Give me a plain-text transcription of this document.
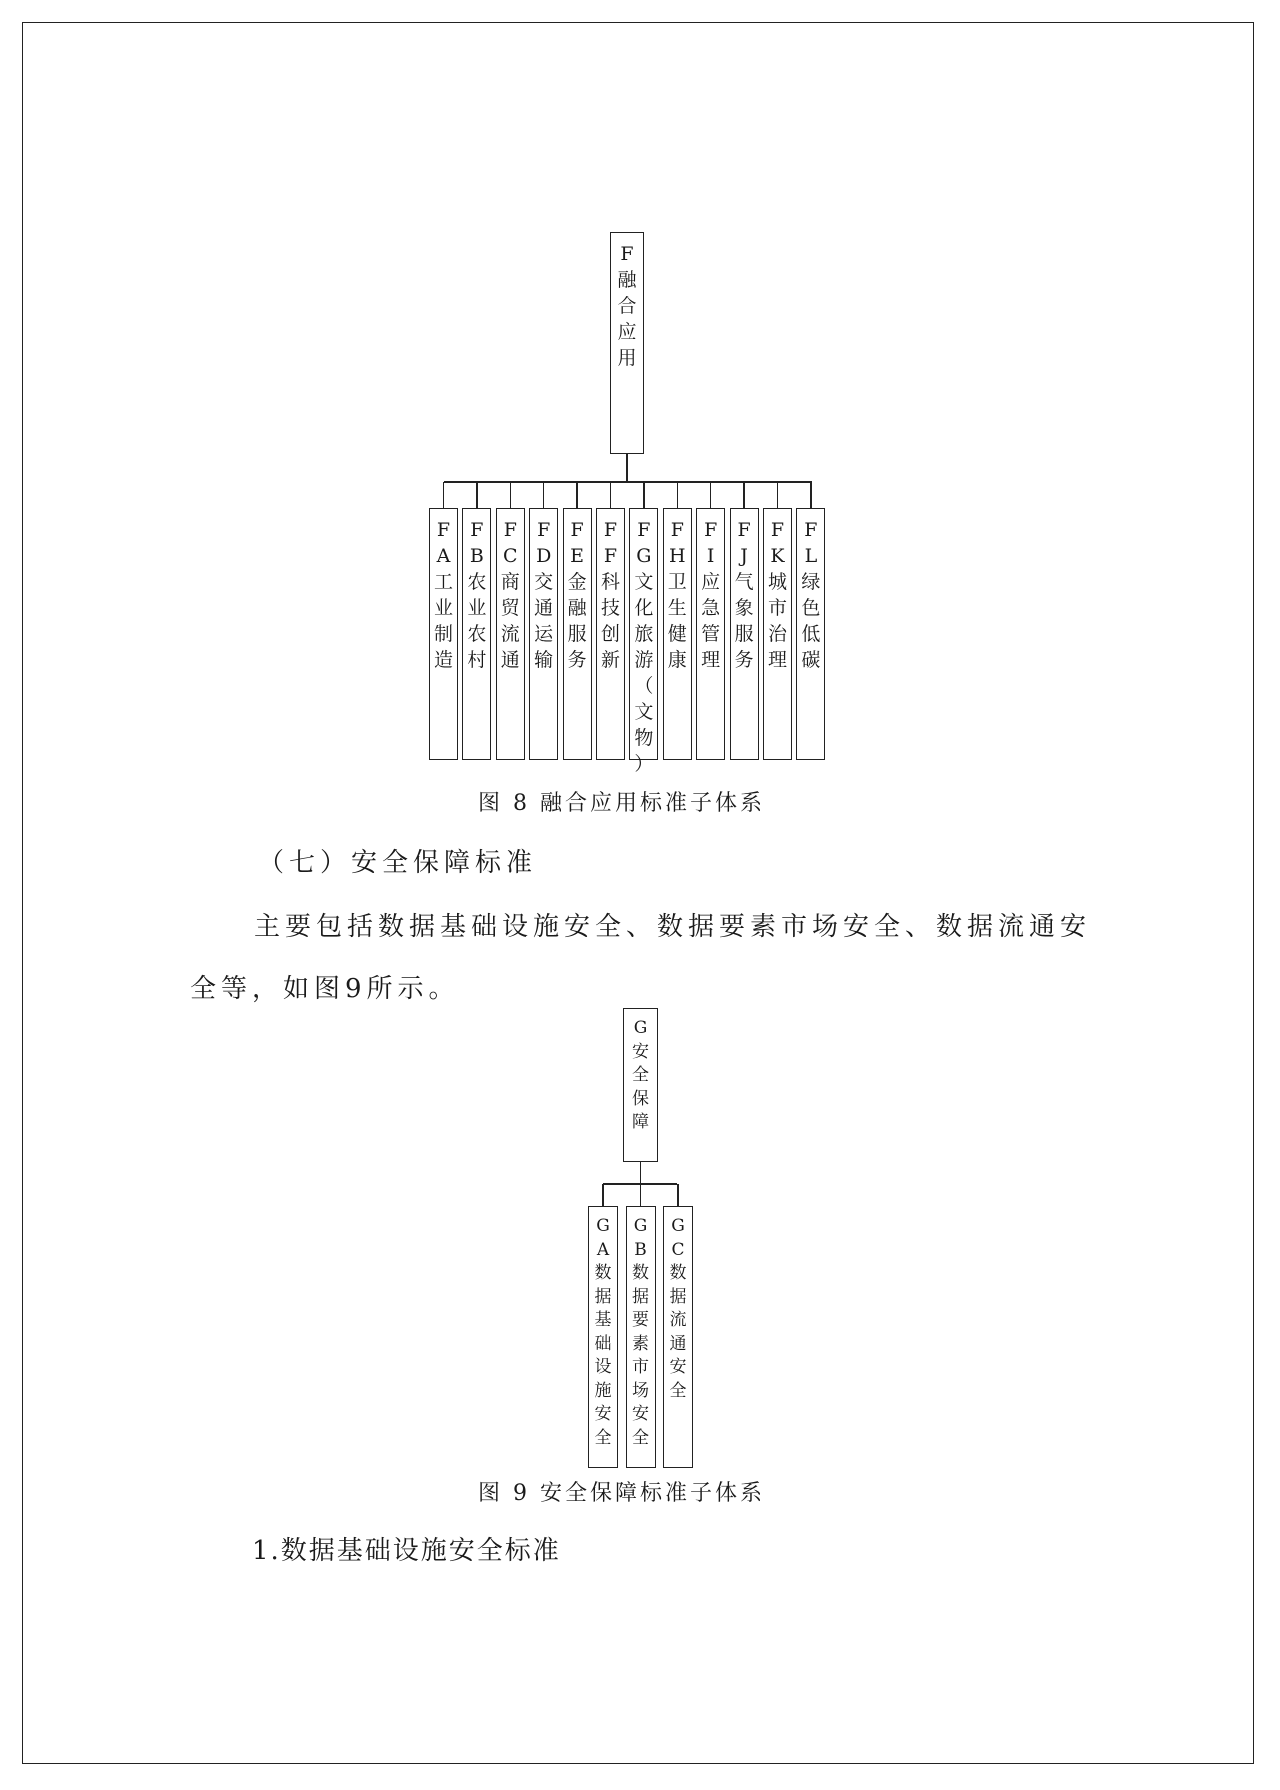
F
融
合
应
用
F
A
工
业
制
造
F
B
农
业
农
村
F
C
商
贸
流
通
F
D
交
通
运
输
F
E
金
融
服
务
F
F
科
技
创
新
F
G
文
化
旅
游
（
文
物
）
F
H
卫
生
健
康
F
I
应
急
管
理
F
J
气
象
服
务
F
K
城
市
治
理
F
L
绿
色
低
碳
图 8 融合应用标准子体系
（七）安全保障标准
主要包括数据基础设施安全、数据要素市场安全、数据流通安
全等，如图9所示。
G
安
全
保
障
G
A
数
据
基
础
设
施
安
全
G
B
数
据
要
素
市
场
安
全
G
C
数
据
流
通
安
全
图 9 安全保障标准子体系
1.数据基础设施安全标准
